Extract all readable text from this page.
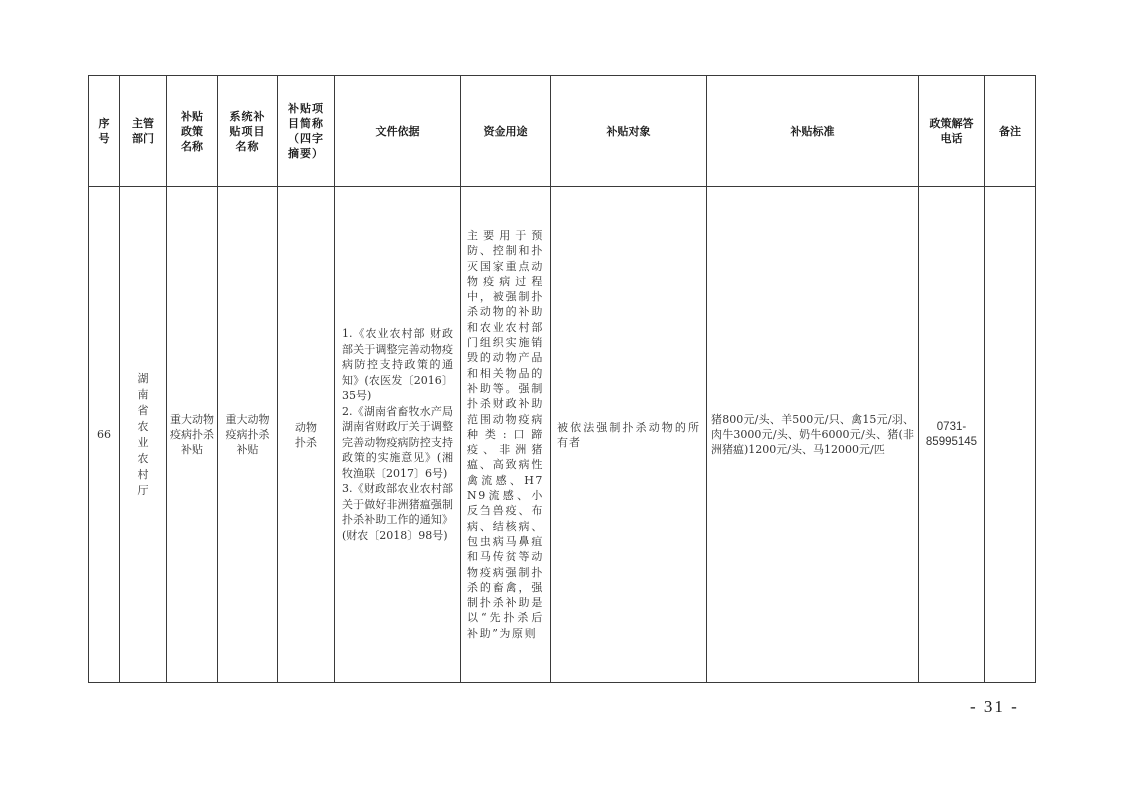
序号	主管部门	补贴政策名称	系统补贴项目名称	补贴项目简称（四字摘要）	文件依据	资金用途	补贴对象	补贴标准	政策解答电话	备注
66	湖南省农业农村厅	重大动物疫病扑杀补贴	重大动物疫病扑杀补贴	动物扑杀	1.《农业农村部 财政部关于调整完善动物疫病防控支持政策的通知》(农医发〔2016〕35号)

2.《湖南省畜牧水产局湖南省财政厅关于调整完善动物疫病防控支持政策的实施意见》(湘牧渔联〔2017〕6号)

3.《财政部农业农村部关于做好非洲猪瘟强制扑杀补助工作的通知》(财农〔2018〕98号)	主要用于预防、控制和扑灭国家重点动物疫病过程中，被强制扑杀动物的补助和农业农村部门组织实施销毁的动物产品和相关物品的补助等。强制扑杀财政补助范围动物疫病种类:口蹄疫、非洲猪瘟、高致病性禽流感、H7N9流感、小反刍兽疫、布病、结核病、包虫病马鼻疽和马传贫等动物疫病强制扑杀的畜禽，强制扑杀补助是以“先扑杀后补助”为原则	被依法强制扑杀动物的所有者	猪800元/头、羊500元/只、禽15元/羽、肉牛3000元/头、奶牛6000元/头、猪(非洲猪瘟)1200元/头、马12000元/匹	0731-85995145	
- 31 -
